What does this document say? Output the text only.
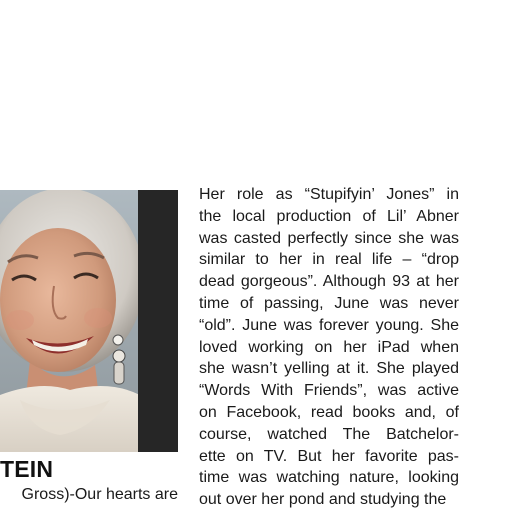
TEIN
Gross)-Our hearts are
Her role as “Stupifyin’ Jones” in
the local production of Lil’ Abner
was casted perfectly since she was
similar to her in real life – “drop
dead gorgeous”. Although 93 at her
time of passing, June was never
“old”. June was forever young. She
loved working on her iPad when
she wasn’t yelling at it. She played
“Words With Friends”, was active
on Facebook, read books and, of
course, watched The Batchelor-
ette on TV. But her favorite pas-
time was watching nature, looking
out over her pond and studying the
